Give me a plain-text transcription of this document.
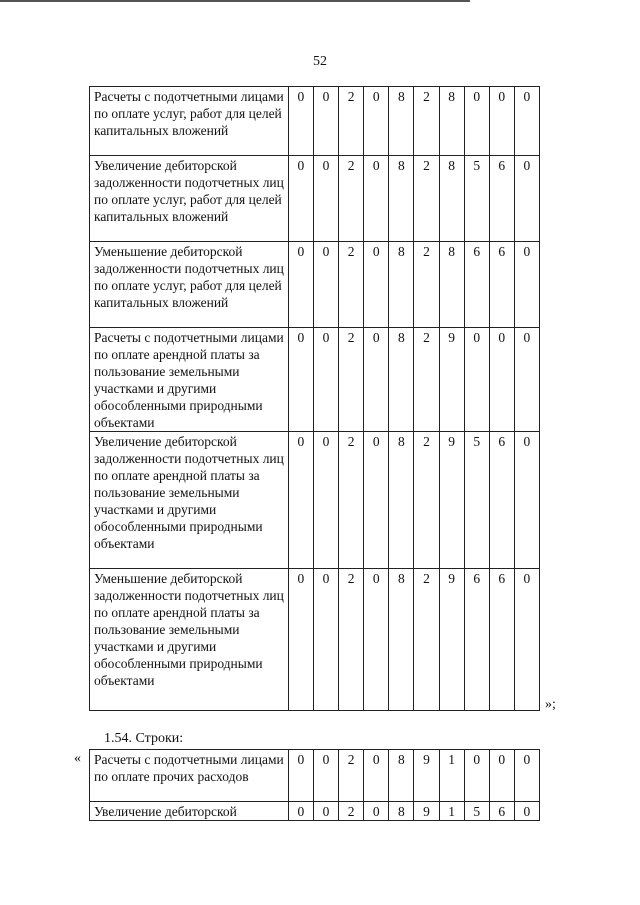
52
Расчеты с подотчетными лицами по оплате услуг, работ для целей капитальных вложений	0	0	2	0	8	2	8	0	0	0
Увеличение дебиторской задолженности подотчетных лиц по оплате услуг, работ для целей капитальных вложений	0	0	2	0	8	2	8	5	6	0
Уменьшение дебиторской задолженности подотчетных лиц по оплате услуг, работ для целей капитальных вложений	0	0	2	0	8	2	8	6	6	0
Расчеты с подотчетными лицами по оплате арендной платы за пользование земельными участками и другими обособленными природными объектами	0	0	2	0	8	2	9	0	0	0
Увеличение дебиторской задолженности подотчетных лиц по оплате арендной платы за пользование земельными участками и другими обособленными природными объектами	0	0	2	0	8	2	9	5	6	0
Уменьшение дебиторской задолженности подотчетных лиц по оплате арендной платы за пользование земельными участками и другими обособленными природными объектами	0	0	2	0	8	2	9	6	6	0
»;
1.54. Строки:
« Расчеты с подотчетными лицами по оплате прочих расходов	0	0	2	0	8	9	1	0	0	0
Увеличение дебиторской	0	0	2	0	8	9	1	5	6	0
